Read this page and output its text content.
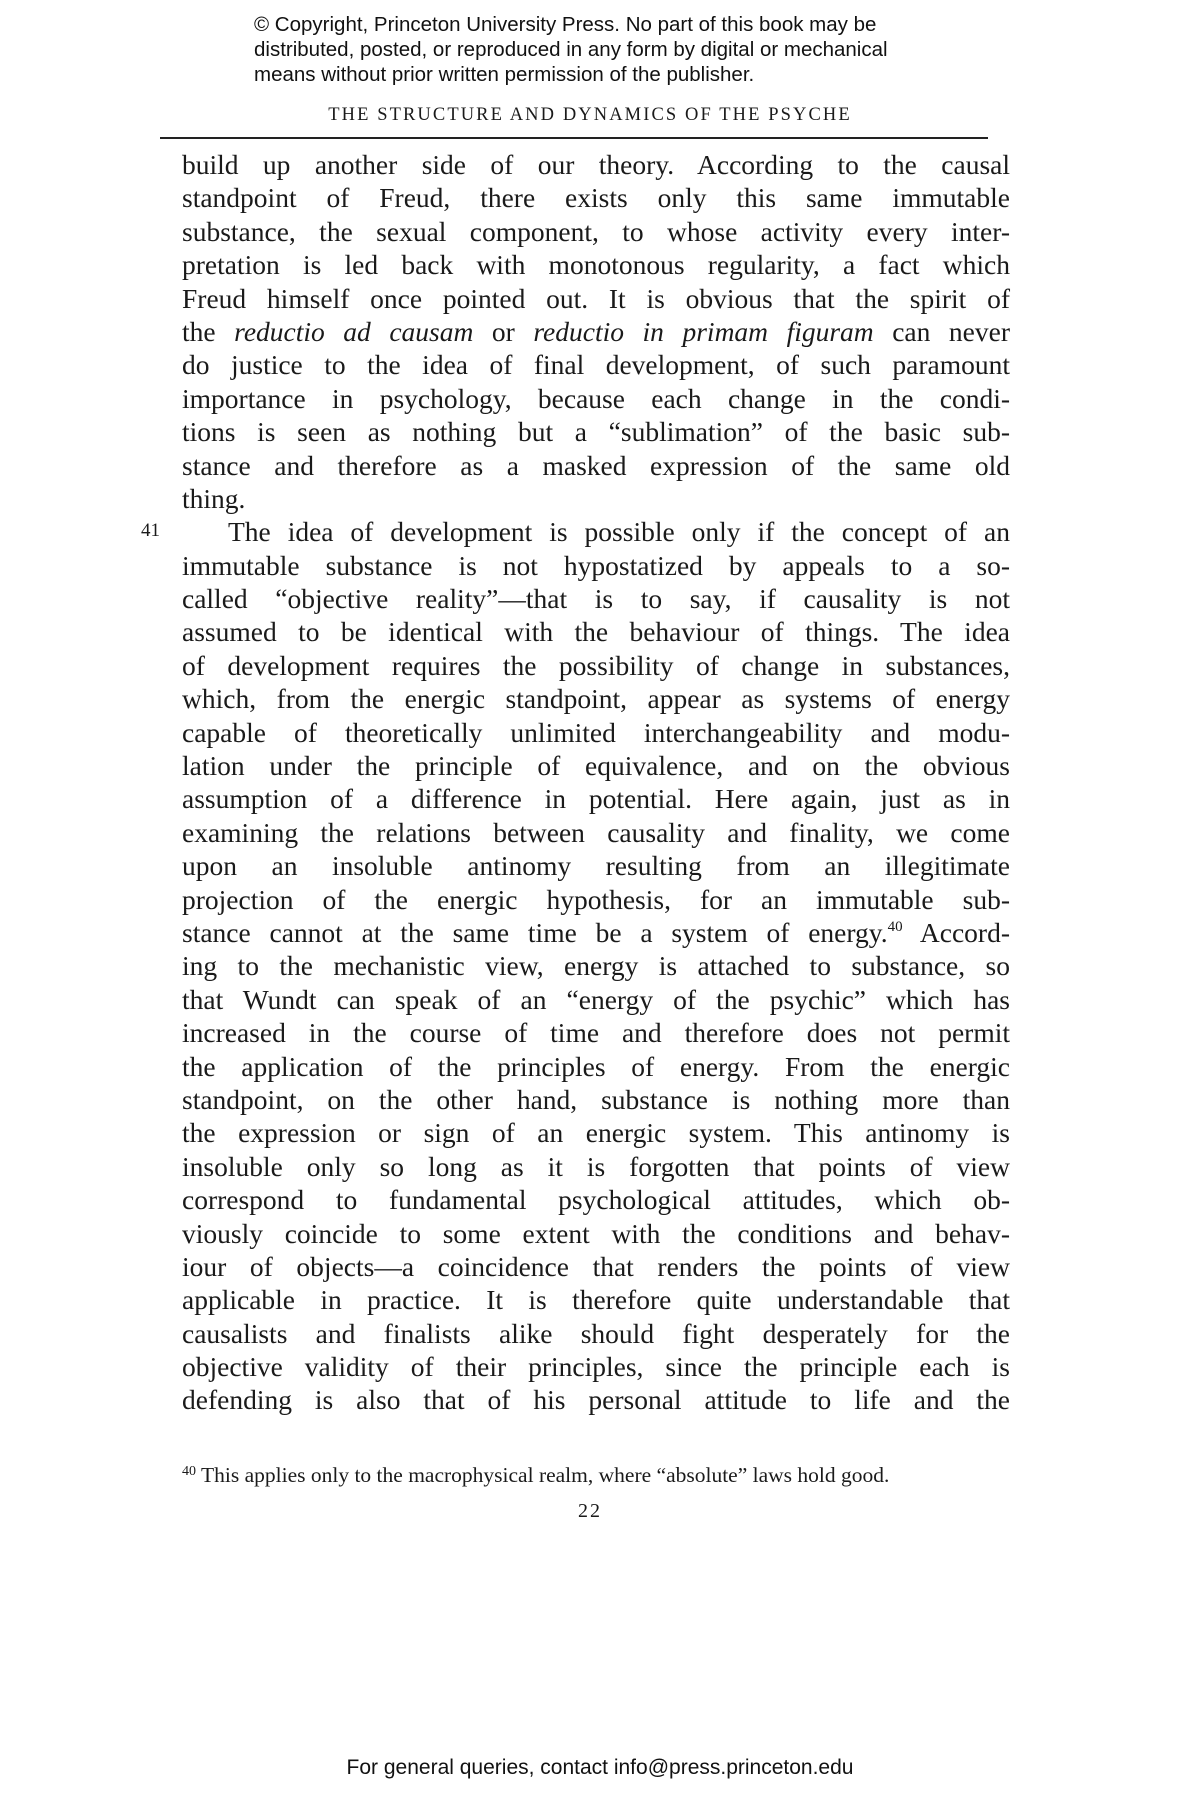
© Copyright, Princeton University Press. No part of this book may be
distributed, posted, or reproduced in any form by digital or mechanical
means without prior written permission of the publisher.
THE STRUCTURE AND DYNAMICS OF THE PSYCHE
41
build up another side of our theory. According to the causal
standpoint of Freud, there exists only this same immutable
substance, the sexual component, to whose activity every inter-
pretation is led back with monotonous regularity, a fact which
Freud himself once pointed out. It is obvious that the spirit of
the reductio ad causam or reductio in primam figuram can never
do justice to the idea of final development, of such paramount
importance in psychology, because each change in the condi-
tions is seen as nothing but a “sublimation” of the basic sub-
stance and therefore as a masked expression of the same old
thing.
The idea of development is possible only if the concept of an
immutable substance is not hypostatized by appeals to a so-
called “objective reality”—that is to say, if causality is not
assumed to be identical with the behaviour of things. The idea
of development requires the possibility of change in substances,
which, from the energic standpoint, appear as systems of energy
capable of theoretically unlimited interchangeability and modu-
lation under the principle of equivalence, and on the obvious
assumption of a difference in potential. Here again, just as in
examining the relations between causality and finality, we come
upon an insoluble antinomy resulting from an illegitimate
projection of the energic hypothesis, for an immutable sub-
stance cannot at the same time be a system of energy.$^{40}$ Accord-
ing to the mechanistic view, energy is attached to substance, so
that Wundt can speak of an “energy of the psychic” which has
increased in the course of time and therefore does not permit
the application of the principles of energy. From the energic
standpoint, on the other hand, substance is nothing more than
the expression or sign of an energic system. This antinomy is
insoluble only so long as it is forgotten that points of view
correspond to fundamental psychological attitudes, which ob-
viously coincide to some extent with the conditions and behav-
iour of objects—a coincidence that renders the points of view
applicable in practice. It is therefore quite understandable that
causalists and finalists alike should fight desperately for the
objective validity of their principles, since the principle each is
defending is also that of his personal attitude to life and the
$^{40}$ This applies only to the macrophysical realm, where “absolute” laws hold good.
22
For general queries, contact info@press.princeton.edu
